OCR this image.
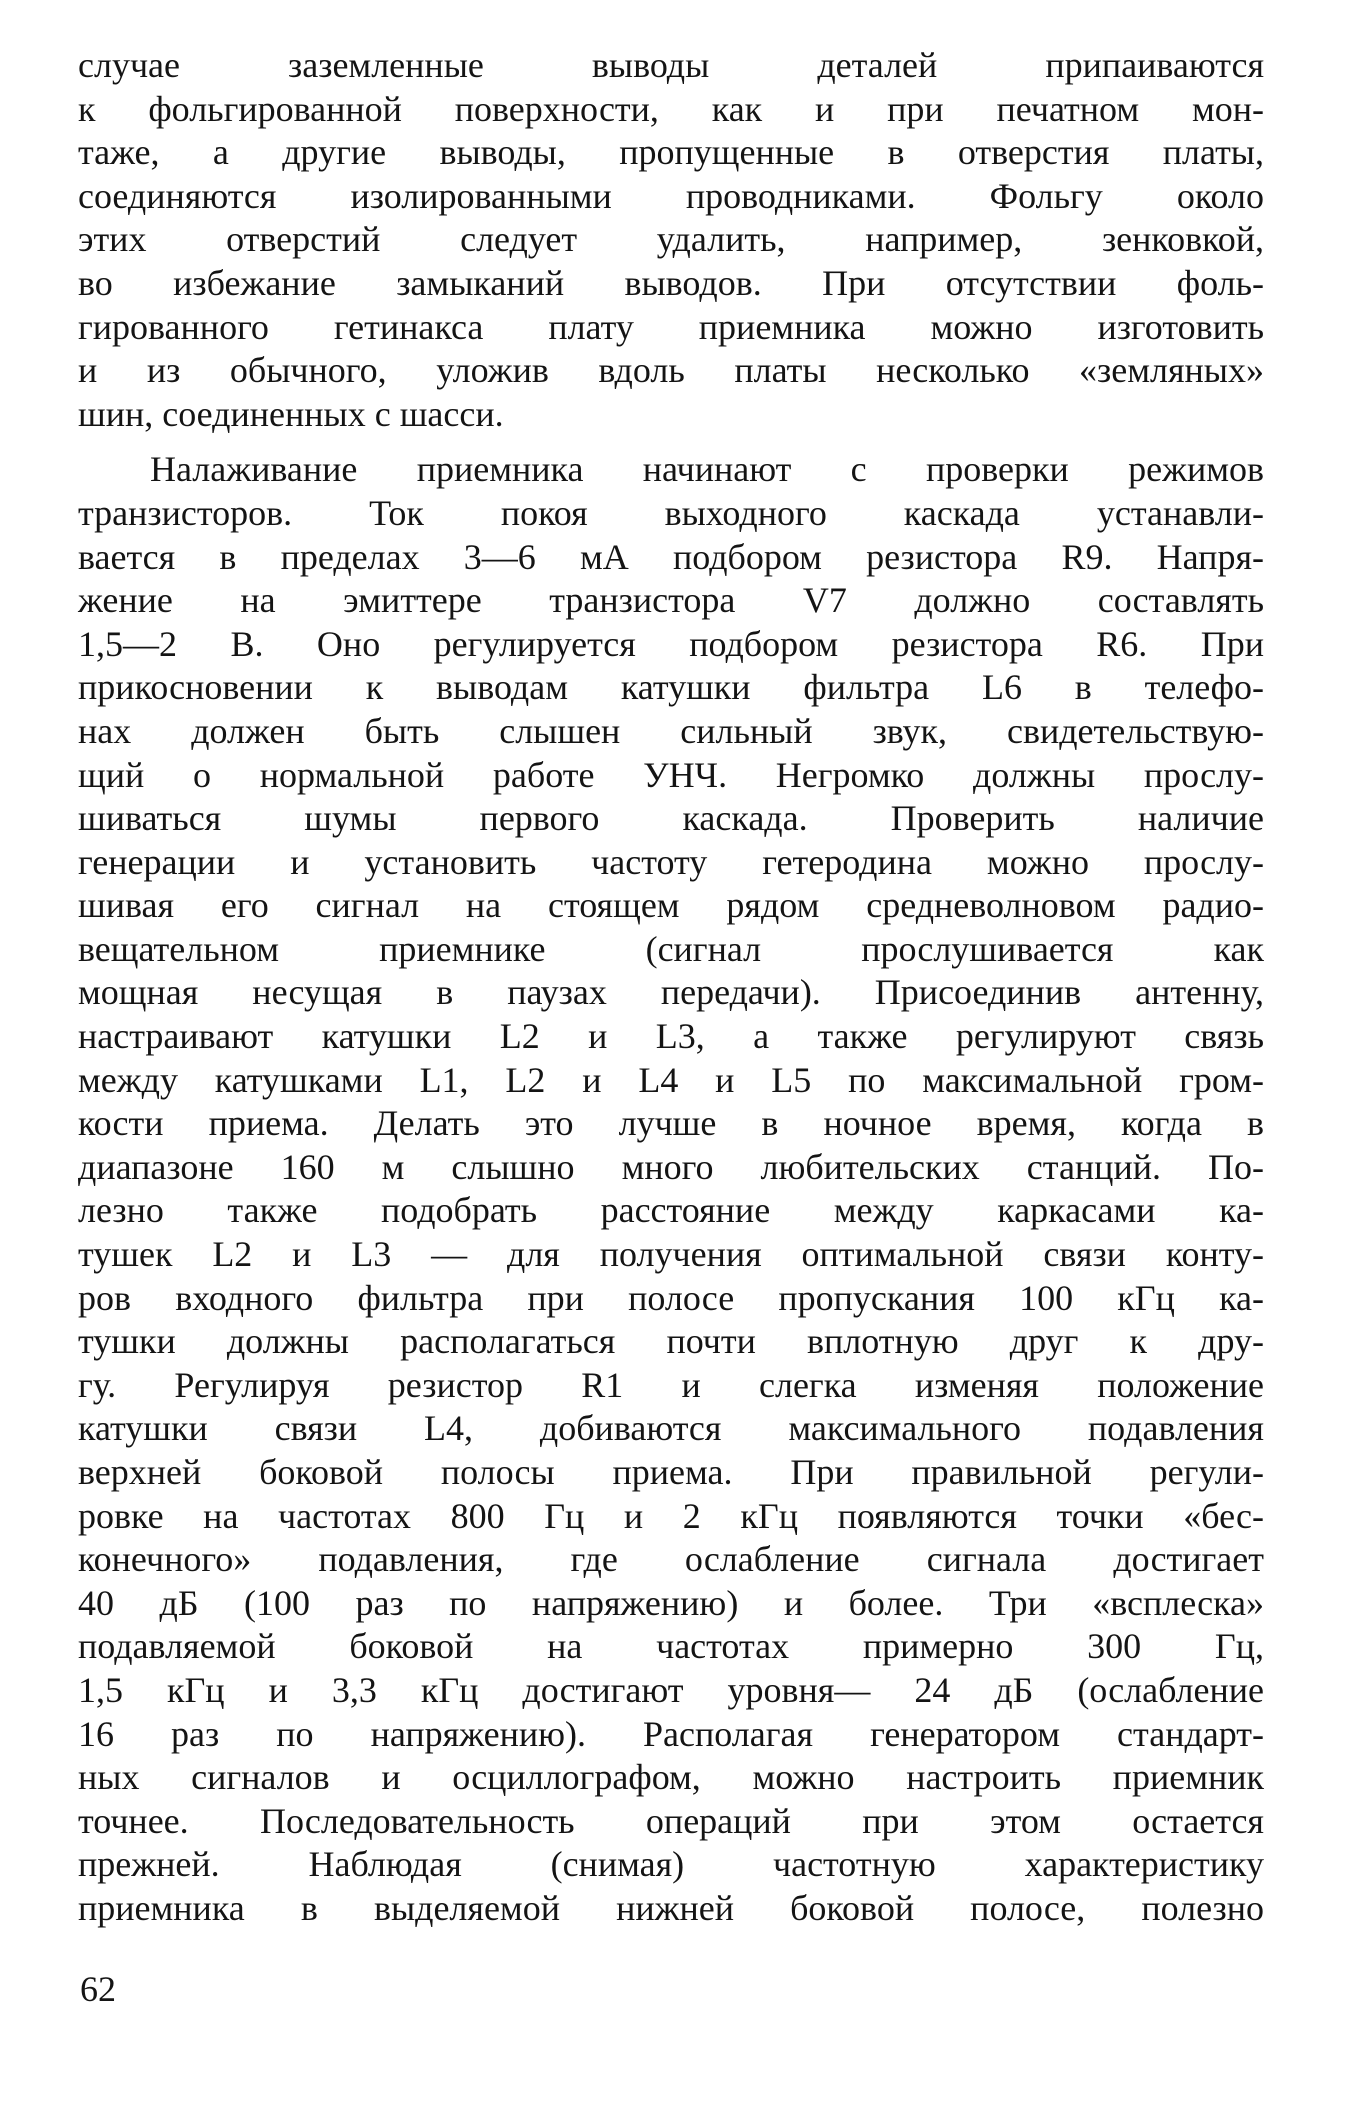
случае заземленные выводы деталей припаиваются
к фольгированной поверхности, как и при печатном мон-
таже, а другие выводы, пропущенные в отверстия платы,
соединяются изолированными проводниками. Фольгу около
этих отверстий следует удалить, например, зенковкой,
во избежание замыканий выводов. При отсутствии фоль-
гированного гетинакса плату приемника можно изготовить
и из обычного, уложив вдоль платы несколько «земляных»
шин, соединенных с шасси.
Налаживание приемника начинают с проверки режимов
транзисторов. Ток покоя выходного каскада устанавли-
вается в пределах 3—6 мА подбором резистора R9. Напря-
жение на эмиттере транзистора V7 должно составлять
1,5—2 В. Оно регулируется подбором резистора R6. При
прикосновении к выводам катушки фильтра L6 в телефо-
нах должен быть слышен сильный звук, свидетельствую-
щий о нормальной работе УНЧ. Негромко должны прослу-
шиваться шумы первого каскада. Проверить наличие
генерации и установить частоту гетеродина можно прослу-
шивая его сигнал на стоящем рядом средневолновом радио-
вещательном приемнике (сигнал прослушивается как
мощная несущая в паузах передачи). Присоединив антенну,
настраивают катушки L2 и L3, а также регулируют связь
между катушками L1, L2 и L4 и L5 по максимальной гром-
кости приема. Делать это лучше в ночное время, когда в
диапазоне 160 м слышно много любительских станций. По-
лезно также подобрать расстояние между каркасами ка-
тушек L2 и L3 — для получения оптимальной связи конту-
ров входного фильтра при полосе пропускания 100 кГц ка-
тушки должны располагаться почти вплотную друг к дру-
гу. Регулируя резистор R1 и слегка изменяя положение
катушки связи L4, добиваются максимального подавления
верхней боковой полосы приема. При правильной регули-
ровке на частотах 800 Гц и 2 кГц появляются точки «бес-
конечного» подавления, где ослабление сигнала достигает
40 дБ (100 раз по напряжению) и более. Три «всплеска»
подавляемой боковой на частотах примерно 300 Гц,
1,5 кГц и 3,3 кГц достигают уровня— 24 дБ (ослабление
16 раз по напряжению). Располагая генератором стандарт-
ных сигналов и осциллографом, можно настроить приемник
точнее. Последовательность операций при этом остается
прежней. Наблюдая (снимая) частотную характеристику
приемника в выделяемой нижней боковой полосе, полезно
62
